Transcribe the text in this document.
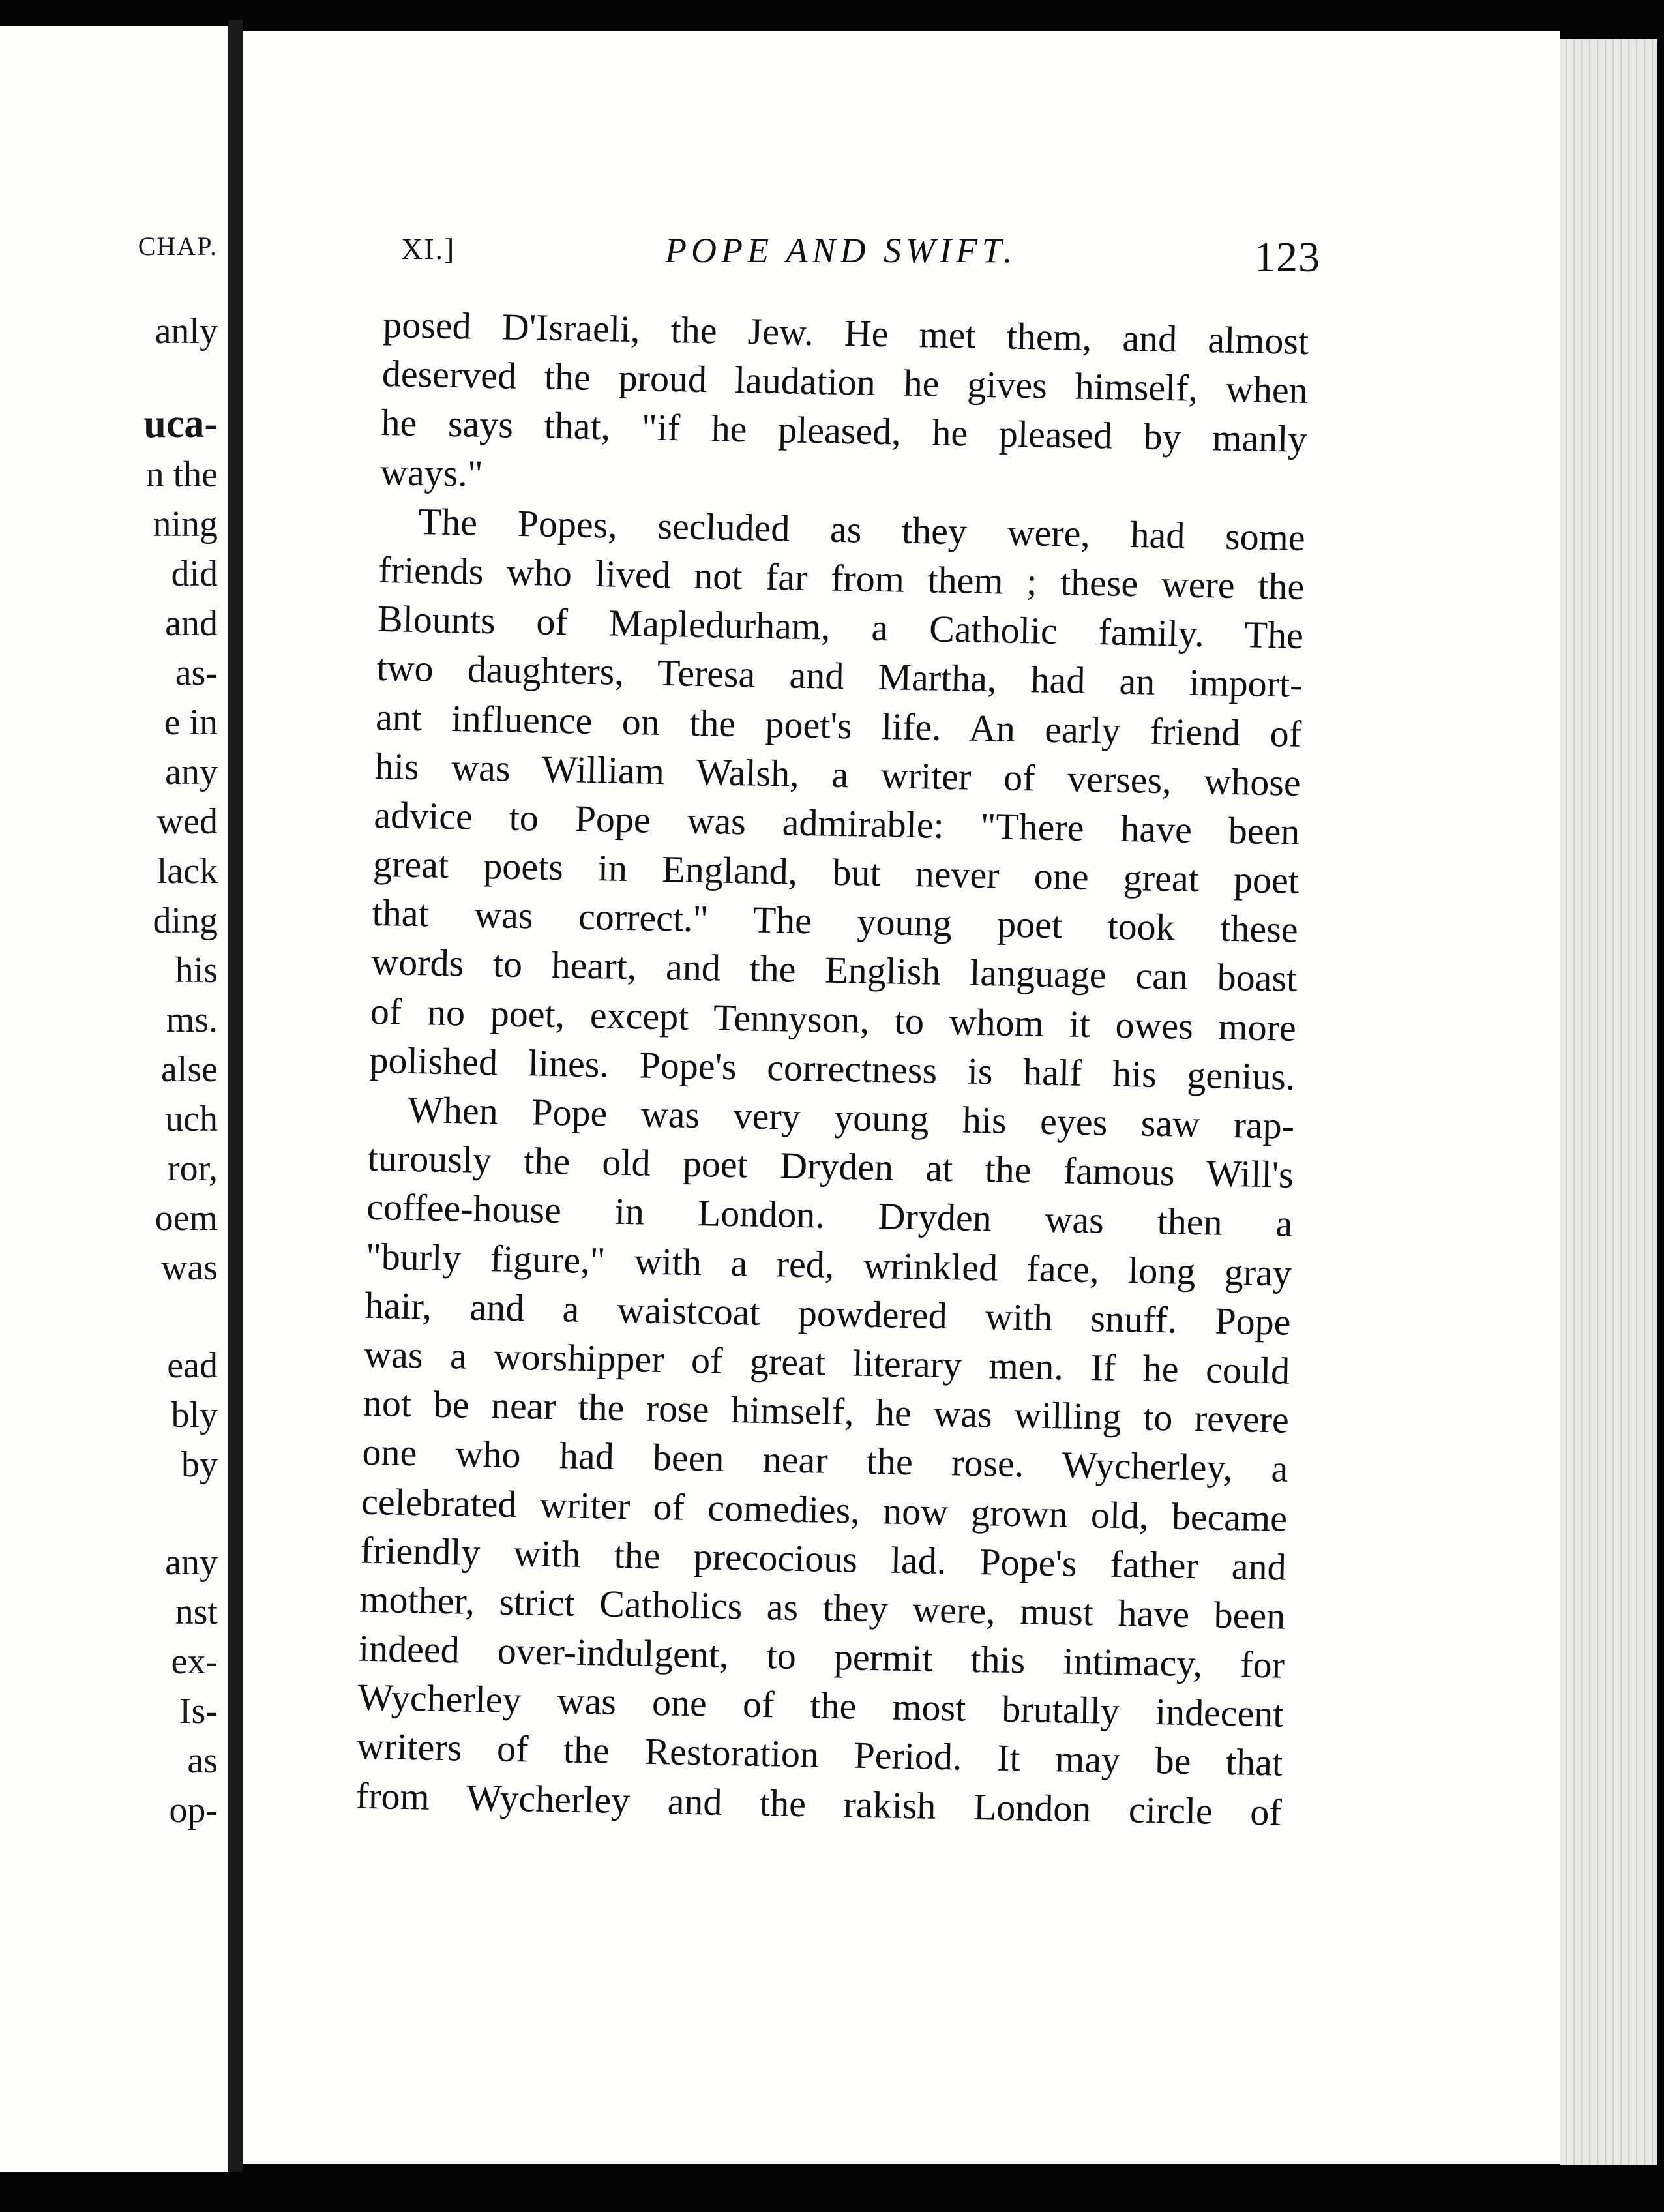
CHAP.
anly
uca-
n the
ning
did
and
as-
e in
any
wed
lack
ding
his
ms.
alse
uch
ror,
oem
was
ead
bly
by
any
nst
ex-
Is-
as
op-
XI.]	POPE AND SWIFT.	123
posed D'Israeli, the Jew. He met them, and almost
deserved the proud laudation he gives himself, when
he says that, "if he pleased, he pleased by manly
ways."
The Popes, secluded as they were, had some
friends who lived not far from them ; these were the
Blounts of Mapledurham, a Catholic family. The
two daughters, Teresa and Martha, had an import-
ant influence on the poet's life. An early friend of
his was William Walsh, a writer of verses, whose
advice to Pope was admirable: "There have been
great poets in England, but never one great poet
that was correct." The young poet took these
words to heart, and the English language can boast
of no poet, except Tennyson, to whom it owes more
polished lines. Pope's correctness is half his genius.
When Pope was very young his eyes saw rap-
turously the old poet Dryden at the famous Will's
coffee-house in London. Dryden was then a
"burly figure," with a red, wrinkled face, long gray
hair, and a waistcoat powdered with snuff. Pope
was a worshipper of great literary men. If he could
not be near the rose himself, he was willing to revere
one who had been near the rose. Wycherley, a
celebrated writer of comedies, now grown old, became
friendly with the precocious lad. Pope's father and
mother, strict Catholics as they were, must have been
indeed over-indulgent, to permit this intimacy, for
Wycherley was one of the most brutally indecent
writers of the Restoration Period. It may be that
from Wycherley and the rakish London circle of
